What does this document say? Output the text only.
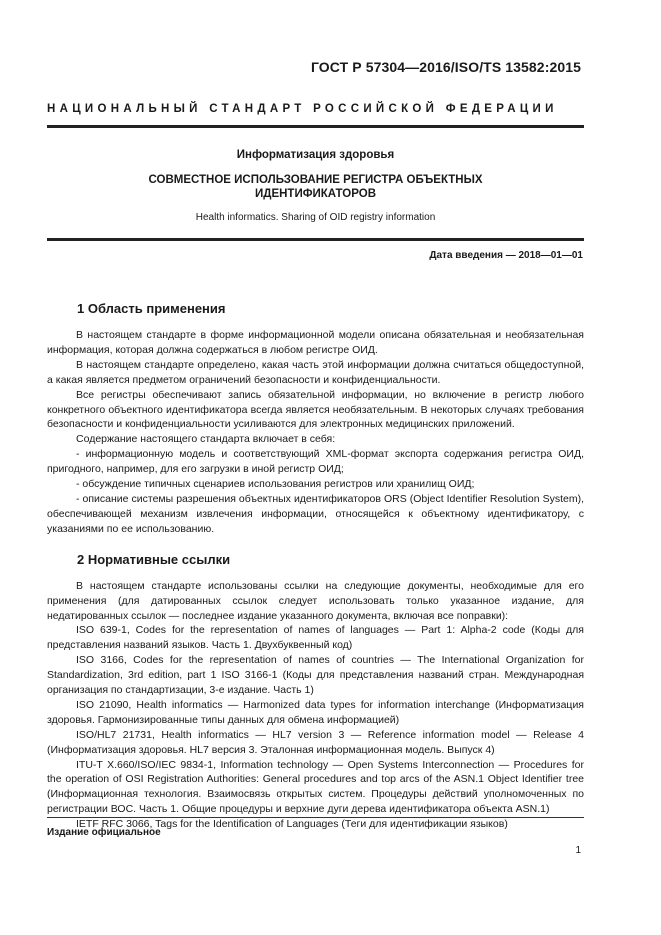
ГОСТ Р 57304—2016/ISO/TS 13582:2015
НАЦИОНАЛЬНЫЙ СТАНДАРТ РОССИЙСКОЙ ФЕДЕРАЦИИ
Информатизация здоровья
СОВМЕСТНОЕ ИСПОЛЬЗОВАНИЕ РЕГИСТРА ОБЪЕКТНЫХ
ИДЕНТИФИКАТОРОВ
Health informatics. Sharing of OID registry information
Дата введения — 2018—01—01
1 Область применения

В настоящем стандарте в форме информационной модели описана обязательная и необязательная информация, которая должна содержаться в любом регистре ОИД.

В настоящем стандарте определено, какая часть этой информации должна считаться общедоступной, а какая является предметом ограничений безопасности и конфиденциальности.

Все регистры обеспечивают запись обязательной информации, но включение в регистр любого конкретного объектного идентификатора всегда является необязательным. В некоторых случаях требования безопасности и конфиденциальности усиливаются для электронных медицинских приложений.

Содержание настоящего стандарта включает в себя:

- информационную модель и соответствующий XML-формат экспорта содержания регистра ОИД, пригодного, например, для его загрузки в иной регистр ОИД;

- обсуждение типичных сценариев использования регистров или хранилищ ОИД;

- описание системы разрешения объектных идентификаторов ORS (Object Identifier Resolution System), обеспечивающей механизм извлечения информации, относящейся к объектному идентификатору, с указаниями по ее использованию.

2 Нормативные ссылки

В настоящем стандарте использованы ссылки на следующие документы, необходимые для его применения (для датированных ссылок следует использовать только указанное издание, для недатированных ссылок — последнее издание указанного документа, включая все поправки):

ISO 639-1, Codes for the representation of names of languages — Part 1: Alpha-2 code (Коды для представления названий языков. Часть 1. Двухбуквенный код)

ISO 3166, Codes for the representation of names of countries — The International Organization for Standardization, 3rd edition, part 1 ISO 3166-1 (Коды для представления названий стран. Международная организация по стандартизации, 3-е издание. Часть 1)

ISO 21090, Health informatics — Harmonized data types for information interchange (Информатизация здоровья. Гармонизированные типы данных для обмена информацией)

ISO/HL7 21731, Health informatics — HL7 version 3 — Reference information model — Release 4 (Информатизация здоровья. HL7 версия 3. Эталонная информационная модель. Выпуск 4)

ITU-T X.660/ISO/IEC 9834-1, Information technology — Open Systems Interconnection — Procedures for the operation of OSI Registration Authorities: General procedures and top arcs of the ASN.1 Object Identifier tree (Информационная технология. Взаимосвязь открытых систем. Процедуры действий уполномоченных по регистрации ВОС. Часть 1. Общие процедуры и верхние дуги дерева идентификатора объекта ASN.1)

IETF RFC 3066, Tags for the Identification of Languages (Теги для идентификации языков)

Издание официальное
1
